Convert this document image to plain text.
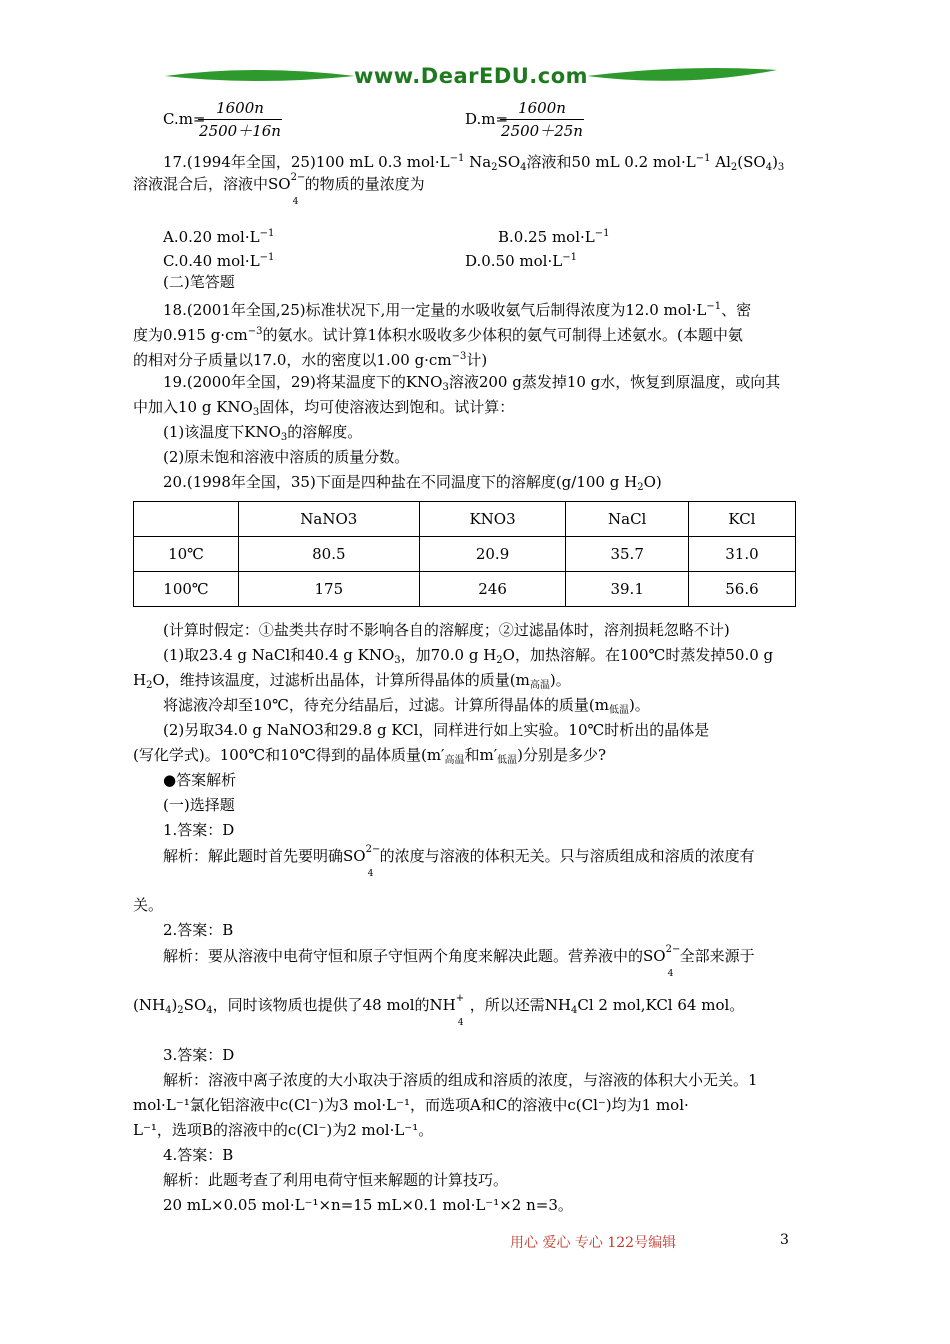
www.DearEDU.com
C.m=
1600n
2500＋16n
D.m=
1600n
2500＋25n
17.(1994年全国，25)100 mL 0.3 $mol\cdot L^{-1}$ $Na_2SO_4$溶液和50 mL 0.2 $mol\cdot L^{-1}$ $Al_2(SO_4)_3$
溶液混合后，溶液中SO 2−
4
的物质的量浓度为
A.0.20 $mol\cdot L^{-1}$	B.0.25 $mol\cdot L^{-1}$
C.0.40 $mol\cdot L^{-1}$	D.0.50 $mol\cdot L^{-1}$
(二)笔答题
18.(2001年全国,25)标准状况下,用一定量的水吸收氨气后制得浓度为12.0 $mol\cdot L^{-1}$、密
度为0.915 $g\cdot cm^{-3}$的氨水。试计算1体积水吸收多少体积的氨气可制得上述氨水。(本题中氨
的相对分子质量以17.0，水的密度以1.00 $g\cdot cm^{-3}$计)
19.(2000年全国，29)将某温度下的$KNO_3$溶液200 g蒸发掉10 g水，恢复到原温度，或向其
中加入10 g $KNO_3$固体，均可使溶液达到饱和。试计算：
(1)该温度下$KNO_3$的溶解度。
(2)原未饱和溶液中溶质的质量分数。
20.(1998年全国，35)下面是四种盐在不同温度下的溶解度(g/100 g $H_2O$)
	NaNO3	KNO3	NaCl	KCl
10℃	80.5	20.9	35.7	31.0
100℃	175	246	39.1	56.6
(计算时假定：①盐类共存时不影响各自的溶解度；②过滤晶体时，溶剂损耗忽略不计)
(1)取23.4 g NaCl和40.4 g $KNO_3$，加70.0 g $H_2O$，加热溶解。在100℃时蒸发掉50.0 g
$H_2O$，维持该温度，过滤析出晶体，计算所得晶体的质量$(m_{高温})$。
将滤液冷却至10℃，待充分结晶后，过滤。计算所得晶体的质量$(m_{低温})$。
(2)另取34.0 g NaNO3和29.8 g KCl，同样进行如上实验。10℃时析出的晶体是
(写化学式)。100℃和10℃得到的晶体质量($m'_{高温}$和$m'_{低温}$)分别是多少?
●答案解析
(一)选择题
1.答案：D
解析：解此题时首先要明确SO 2−
4
的浓度与溶液的体积无关。只与溶质组成和溶质的浓度有
关。
2.答案：B
解析：要从溶液中电荷守恒和原子守恒两个角度来解决此题。营养液中的SO 2−
4
全部来源于
$(NH_4)_2SO_4$，同时该物质也提供了48 mol的NH +
4
，所以还需$NH_4Cl$ 2 mol,KCl 64 mol。
3.答案：D
解析：溶液中离子浓度的大小取决于溶质的组成和溶质的浓度，与溶液的体积大小无关。1
mol·L⁻¹氯化铝溶液中c(Cl⁻)为3 mol·L⁻¹，而选项A和C的溶液中c(Cl⁻)均为1 mol·
L⁻¹，选项B的溶液中的c(Cl⁻)为2 mol·L⁻¹。
4.答案：B
解析：此题考查了利用电荷守恒来解题的计算技巧。
20 mL×0.05 mol·L⁻¹×n=15 mL×0.1 mol·L⁻¹×2 n=3。
用心 爱心 专心 122号编辑	3
